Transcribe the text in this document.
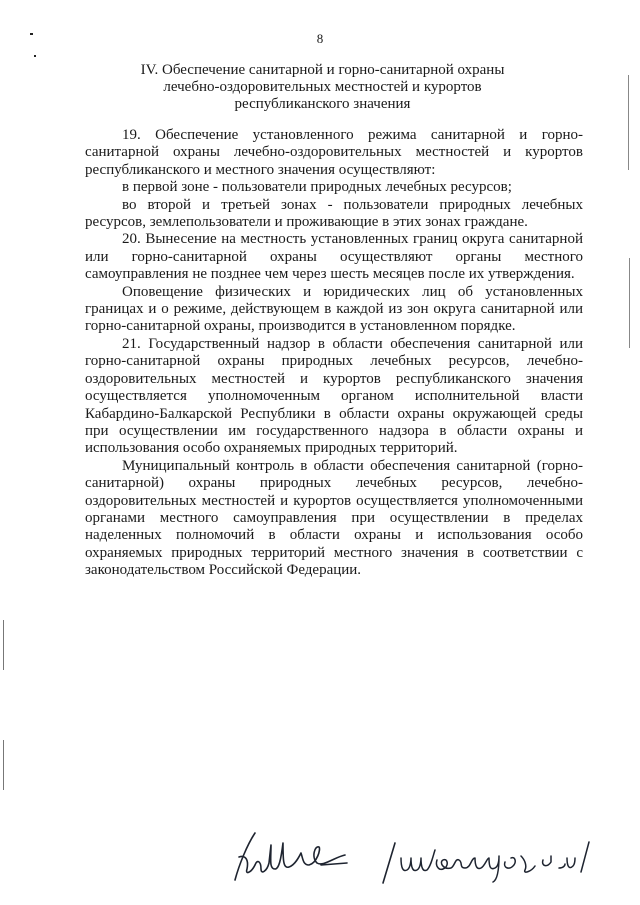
8
IV. Обеспечение санитарной и горно-санитарной охраны
лечебно-оздоровительных местностей и курортов
республиканского значения

19. Обеспечение установленного режима санитарной и горно-санитарной охраны лечебно-оздоровительных местностей и курортов республиканского и местного значения осуществляют:

в первой зоне - пользователи природных лечебных ресурсов;

во второй и третьей зонах - пользователи природных лечебных ресурсов, землепользователи и проживающие в этих зонах граждане.

20. Вынесение на местность установленных границ округа санитарной или горно-санитарной охраны осуществляют органы местного самоуправления не позднее чем через шесть месяцев после их утверждения.

Оповещение физических и юридических лиц об установленных границах и о режиме, действующем в каждой из зон округа санитарной или горно-санитарной охраны, производится в установленном порядке.

21. Государственный надзор в области обеспечения санитарной или горно-санитарной охраны природных лечебных ресурсов, лечебно-оздоровительных местностей и курортов республиканского значения осуществляется уполномоченным органом исполнительной власти Кабардино-Балкарской Республики в области охраны окружающей среды при осуществлении им государственного надзора в области охраны и использования особо охраняемых природных территорий.

Муниципальный контроль в области обеспечения санитарной (горно-санитарной) охраны природных лечебных ресурсов, лечебно-оздоровительных местностей и курортов осуществляется уполномоченными органами местного самоуправления при осуществлении в пределах наделенных полномочий в области охраны и использования особо охраняемых природных территорий местного значения в соответствии с законодательством Российской Федерации.
